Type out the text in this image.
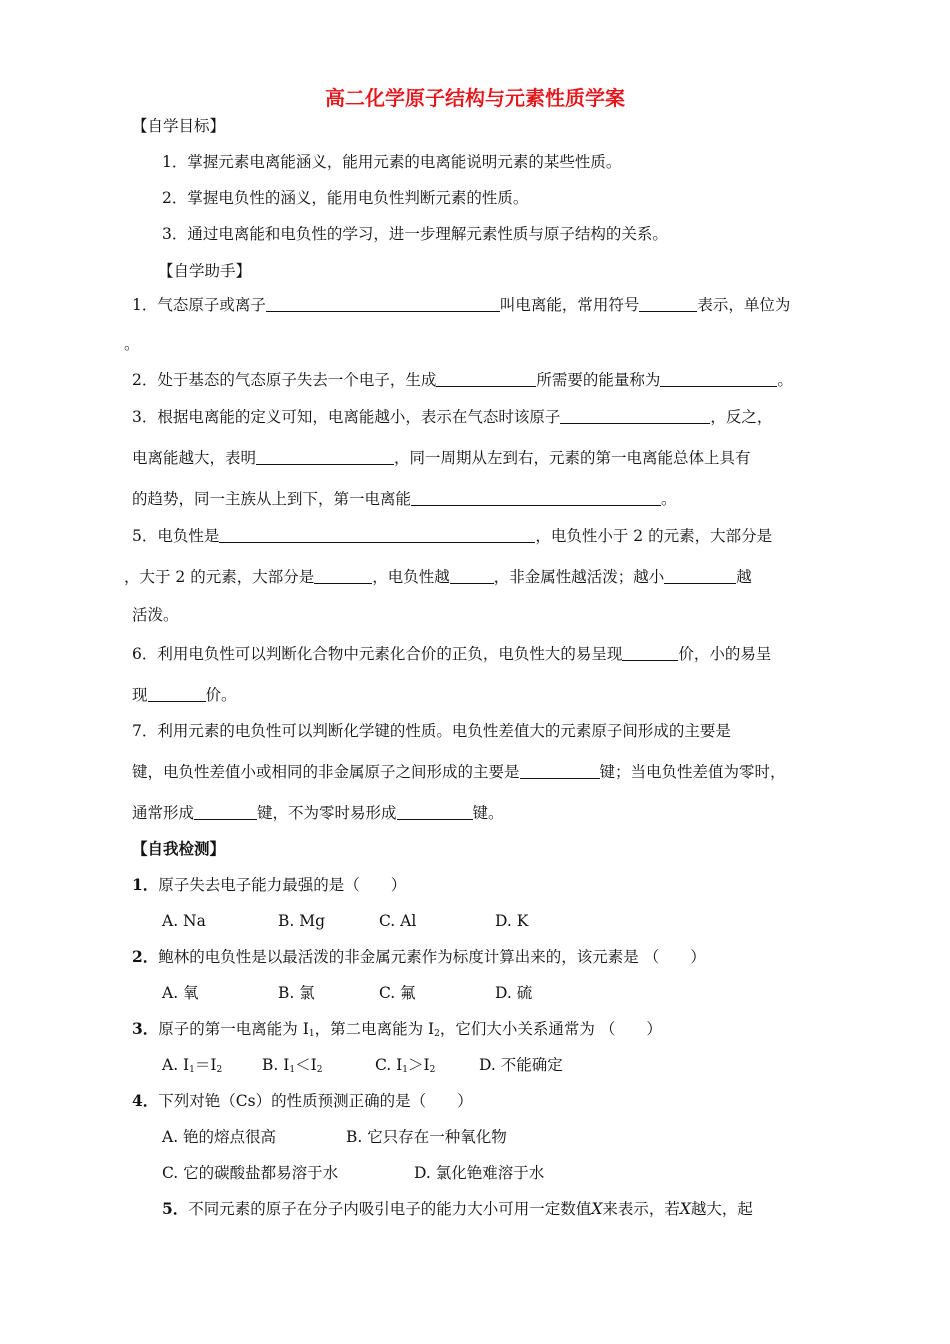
高二化学原子结构与元素性质学案
【自学目标】
1．掌握元素电离能涵义，能用元素的电离能说明元素的某些性质。
2．掌握电负性的涵义，能用电负性判断元素的性质。
3．通过电离能和电负性的学习，进一步理解元素性质与原子结构的关系。
【自学助手】
1．气态原子或离子	叫电离能，常用符号	表示，单位为
。
2．处于基态的气态原子失去一个电子，生成	所需要的能量称为	。
3．根据电离能的定义可知，电离能越小，表示在气态时该原子	，反之，
电离能越大，表明	，同一周期从左到右，元素的第一电离能总体上具有
的趋势，同一主族从上到下，第一电离能	。
5．电负性是	，电负性小于 2 的元素，大部分是
，大于 2 的元素，大部分是	，电负性越	，非金属性越活泼；越小	越
活泼。
6．利用电负性可以判断化合物中元素化合价的正负，电负性大的易呈现	价，小的易呈
现	价。
7．利用元素的电负性可以判断化学键的性质。电负性差值大的元素原子间形成的主要是
键，电负性差值小或相同的非金属原子之间形成的主要是	键；当电负性差值为零时，
通常形成	键，不为零时易形成	键。
【自我检测】
1．原子失去电子能力最强的是（　　）
A. Na	B. Mg	C. Al	D. K
2．鲍林的电负性是以最活泼的非金属元素作为标度计算出来的，该元素是 （　　）
A. 氧	B. 氯	C. 氟	D. 硫
3．原子的第一电离能为 $I_1$，第二电离能为 $I_2$，它们大小关系通常为 （　　）
A. $I_1=I_2$	B. $I_1<I_2$	C. $I_1>I_2$	D. 不能确定
4．下列对铯（Cs）的性质预测正确的是（　　）
A. 铯的熔点很高	B. 它只存在一种氧化物
C. 它的碳酸盐都易溶于水	D. 氯化铯难溶于水
5．不同元素的原子在分子内吸引电子的能力大小可用一定数值X来表示，若X越大，起
